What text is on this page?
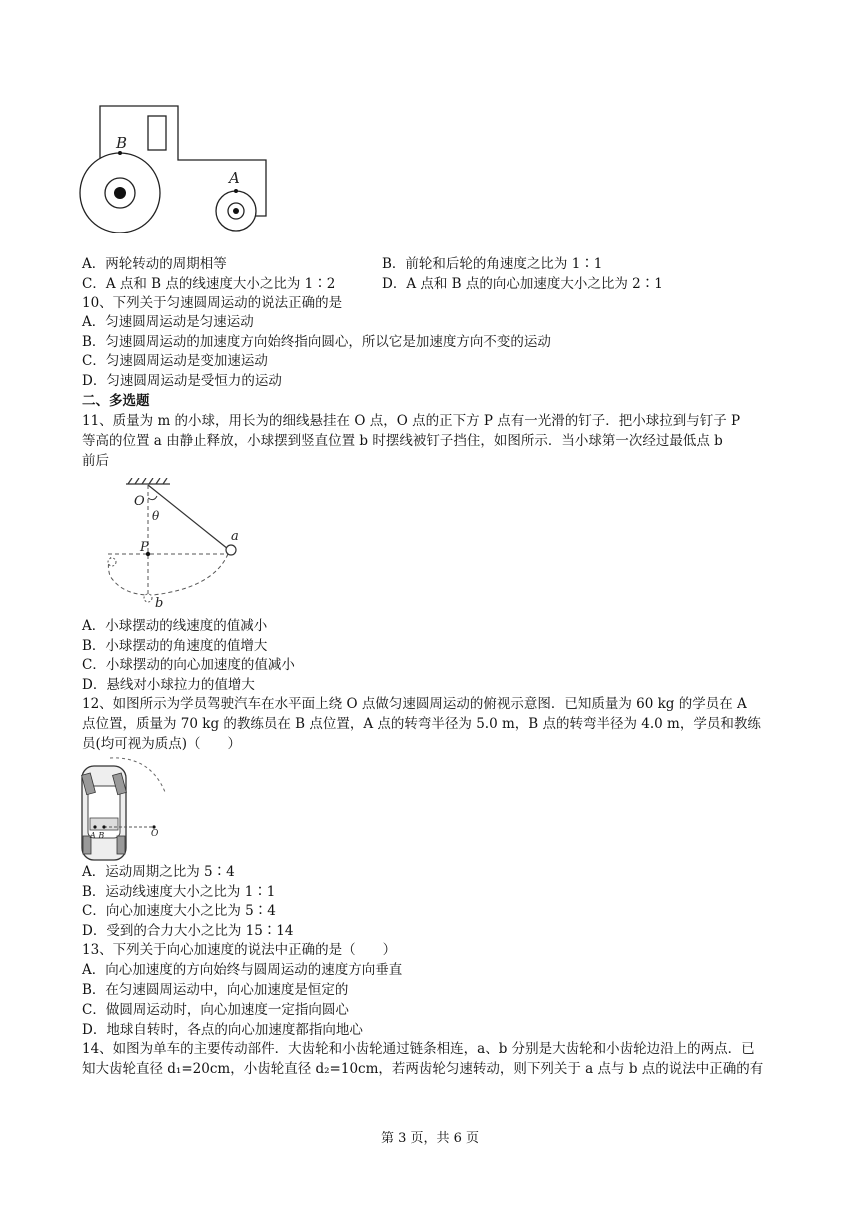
B
A
A．两轮转动的周期相等	B．前轮和后轮的角速度之比为 1∶1
C．A 点和 B 点的线速度大小之比为 1∶2	D．A 点和 B 点的向心加速度大小之比为 2∶1
10、下列关于匀速圆周运动的说法正确的是
A．匀速圆周运动是匀速运动
B．匀速圆周运动的加速度方向始终指向圆心，所以它是加速度方向不变的运动
C．匀速圆周运动是变加速运动
D．匀速圆周运动是受恒力的运动
二、多选题
11、质量为 m 的小球，用长为的细线悬挂在 O 点，O 点的正下方 P 点有一光滑的钉子．把小球拉到与钉子 P
等高的位置 a 由静止释放，小球摆到竖直位置 b 时摆线被钉子挡住，如图所示．当小球第一次经过最低点 b
前后
O
θ
P
a
b
A．小球摆动的线速度的值减小
B．小球摆动的角速度的值增大
C．小球摆动的向心加速度的值减小
D．悬线对小球拉力的值增大
12、如图所示为学员驾驶汽车在水平面上绕 O 点做匀速圆周运动的俯视示意图．已知质量为 60 kg 的学员在 A
点位置，质量为 70 kg 的教练员在 B 点位置，A 点的转弯半径为 5.0 m，B 点的转弯半径为 4.0 m，学员和教练
员(均可视为质点)（　　）
A B	O
A．运动周期之比为 5∶4
B．运动线速度大小之比为 1∶1
C．向心加速度大小之比为 5∶4
D．受到的合力大小之比为 15∶14
13、下列关于向心加速度的说法中正确的是（　　）
A．向心加速度的方向始终与圆周运动的速度方向垂直
B．在匀速圆周运动中，向心加速度是恒定的
C．做圆周运动时，向心加速度一定指向圆心
D．地球自转时，各点的向心加速度都指向地心
14、如图为单车的主要传动部件．大齿轮和小齿轮通过链条相连，a、b 分别是大齿轮和小齿轮边沿上的两点．已
知大齿轮直径 d₁=20cm，小齿轮直径 d₂=10cm，若两齿轮匀速转动，则下列关于 a 点与 b 点的说法中正确的有
第 3 页，共 6 页
